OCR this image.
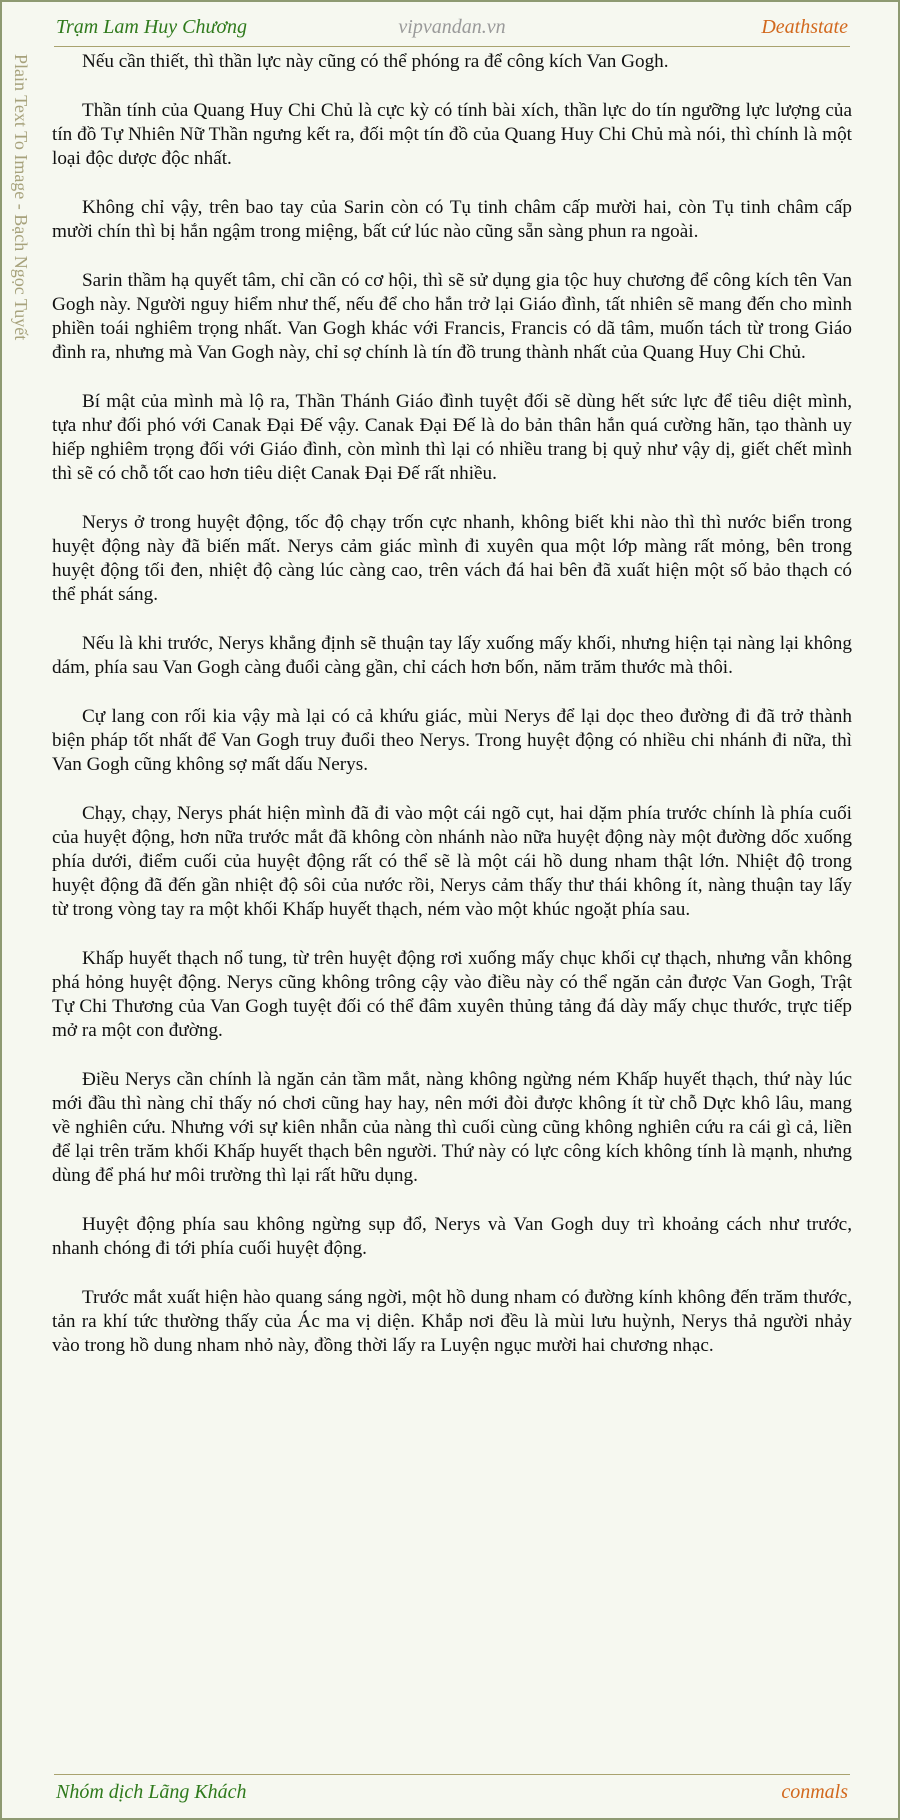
Trạm Lam Huy Chương	vipvandan.vn	Deathstate
Plain Text To Image - Bạch Ngọc Tuyết	Nếu cần thiết, thì thần lực này cũng có thể phóng ra để công kích Van Gogh.

Thần tính của Quang Huy Chi Chủ là cực kỳ có tính bài xích, thần lực do tín ngưỡng lực lượng của tín đồ Tự Nhiên Nữ Thần ngưng kết ra, đối một tín đồ của Quang Huy Chi Chủ mà nói, thì chính là một loại độc dược độc nhất.

Không chỉ vậy, trên bao tay của Sarin còn có Tụ tinh châm cấp mười hai, còn Tụ tinh châm cấp mười chín thì bị hắn ngậm trong miệng, bất cứ lúc nào cũng sẵn sàng phun ra ngoài.

Sarin thầm hạ quyết tâm, chỉ cần có cơ hội, thì sẽ sử dụng gia tộc huy chương để công kích tên Van Gogh này. Người nguy hiểm như thế, nếu để cho hắn trở lại Giáo đình, tất nhiên sẽ mang đến cho mình phiền toái nghiêm trọng nhất. Van Gogh khác với Francis, Francis có dã tâm, muốn tách từ trong Giáo đình ra, nhưng mà Van Gogh này, chỉ sợ chính là tín đồ trung thành nhất của Quang Huy Chi Chủ.

Bí mật của mình mà lộ ra, Thần Thánh Giáo đình tuyệt đối sẽ dùng hết sức lực để tiêu diệt mình, tựa như đối phó với Canak Đại Đế vậy. Canak Đại Đế là do bản thân hắn quá cường hãn, tạo thành uy hiếp nghiêm trọng đối với Giáo đình, còn mình thì lại có nhiều trang bị quỷ như vậy dị, giết chết mình thì sẽ có chỗ tốt cao hơn tiêu diệt Canak Đại Đế rất nhiều.

Nerys ở trong huyệt động, tốc độ chạy trốn cực nhanh, không biết khi nào thì thì nước biển trong huyệt động này đã biến mất. Nerys cảm giác mình đi xuyên qua một lớp màng rất mỏng, bên trong huyệt động tối đen, nhiệt độ càng lúc càng cao, trên vách đá hai bên đã xuất hiện một số bảo thạch có thể phát sáng.

Nếu là khi trước, Nerys khẳng định sẽ thuận tay lấy xuống mấy khối, nhưng hiện tại nàng lại không dám, phía sau Van Gogh càng đuổi càng gần, chỉ cách hơn bốn, năm trăm thước mà thôi.

Cự lang con rối kia vậy mà lại có cả khứu giác, mùi Nerys để lại dọc theo đường đi đã trở thành biện pháp tốt nhất để Van Gogh truy đuổi theo Nerys. Trong huyệt động có nhiều chi nhánh đi nữa, thì Van Gogh cũng không sợ mất dấu Nerys.

Chạy, chạy, Nerys phát hiện mình đã đi vào một cái ngõ cụt, hai dặm phía trước chính là phía cuối của huyệt động, hơn nữa trước mắt đã không còn nhánh nào nữa huyệt động này một đường dốc xuống phía dưới, điểm cuối của huyệt động rất có thể sẽ là một cái hồ dung nham thật lớn. Nhiệt độ trong huyệt động đã đến gần nhiệt độ sôi của nước rồi, Nerys cảm thấy thư thái không ít, nàng thuận tay lấy từ trong vòng tay ra một khối Khấp huyết thạch, ném vào một khúc ngoặt phía sau.

Khấp huyết thạch nổ tung, từ trên huyệt động rơi xuống mấy chục khối cự thạch, nhưng vẫn không phá hỏng huyệt động. Nerys cũng không trông cậy vào điều này có thể ngăn cản được Van Gogh, Trật Tự Chi Thương của Van Gogh tuyệt đối có thể đâm xuyên thủng tảng đá dày mấy chục thước, trực tiếp mở ra một con đường.

Điều Nerys cần chính là ngăn cản tầm mắt, nàng không ngừng ném Khấp huyết thạch, thứ này lúc mới đầu thì nàng chỉ thấy nó chơi cũng hay hay, nên mới đòi được không ít từ chỗ Dực khô lâu, mang về nghiên cứu. Nhưng với sự kiên nhẫn của nàng thì cuối cùng cũng không nghiên cứu ra cái gì cả, liền để lại trên trăm khối Khấp huyết thạch bên người. Thứ này có lực công kích không tính là mạnh, nhưng dùng để phá hư môi trường thì lại rất hữu dụng.

Huyệt động phía sau không ngừng sụp đổ, Nerys và Van Gogh duy trì khoảng cách như trước, nhanh chóng đi tới phía cuối huyệt động.

Trước mắt xuất hiện hào quang sáng ngời, một hồ dung nham có đường kính không đến trăm thước, tản ra khí tức thường thấy của Ác ma vị diện. Khắp nơi đều là mùi lưu huỳnh, Nerys thả người nhảy vào trong hồ dung nham nhỏ này, đồng thời lấy ra Luyện ngục mười hai chương nhạc.

Nhóm dịch Lãng Khách	conmals
